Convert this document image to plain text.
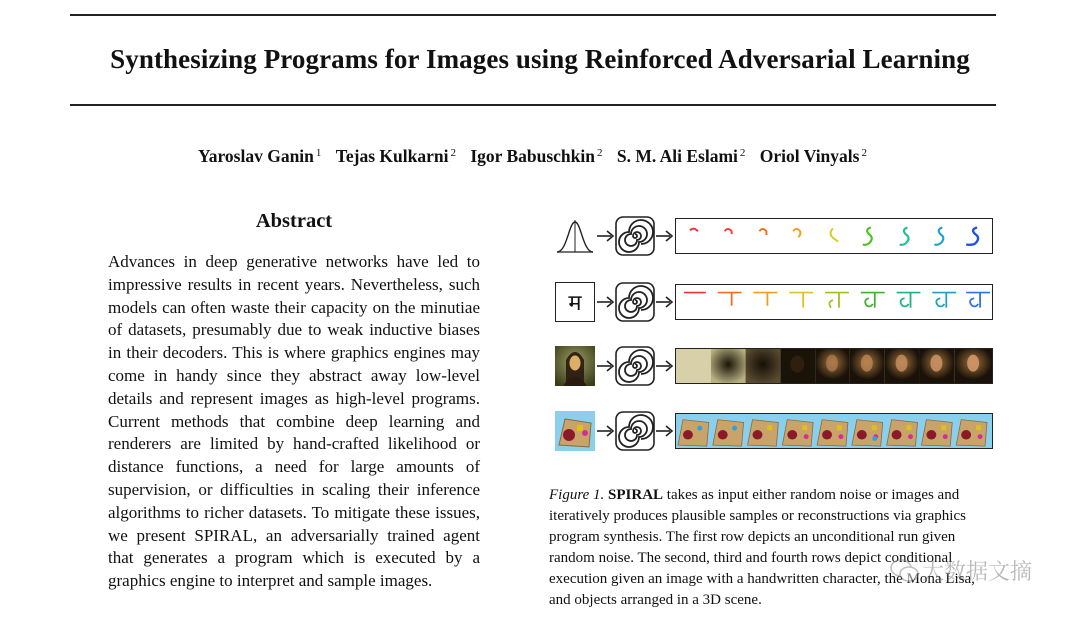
Synthesizing Programs for Images using Reinforced Adversarial Learning
Yaroslav Ganin $^1$ Tejas Kulkarni $^2$ Igor Babuschkin $^2$ S. M. Ali Eslami $^2$ Oriol Vinyals $^2$
Abstract

Advances in deep generative networks have led to impressive results in recent years. Nevertheless, such models can often waste their capacity on the minutiae of datasets, presumably due to weak inductive biases in their decoders. This is where graphics engines may come in handy since they abstract away low-level details and represent images as high-level programs. Current methods that combine deep learning and renderers are limited by hand-crafted likelihood or distance functions, a need for large amounts of supervision, or difficulties in scaling their inference algorithms to richer datasets. To mitigate these issues, we present SPIRAL, an adversarially trained agent that generates a program which is executed by a graphics engine to interpret and sample images.

म

Figure 1. SPIRAL takes as input either random noise or images and iteratively produces plausible samples or reconstructions via graphics program synthesis. The first row depicts an unconditional run given random noise. The second, third and fourth rows depict conditional execution given an image with a handwritten character, the Mona Lisa, and objects arranged in a 3D scene.

大数据文摘
